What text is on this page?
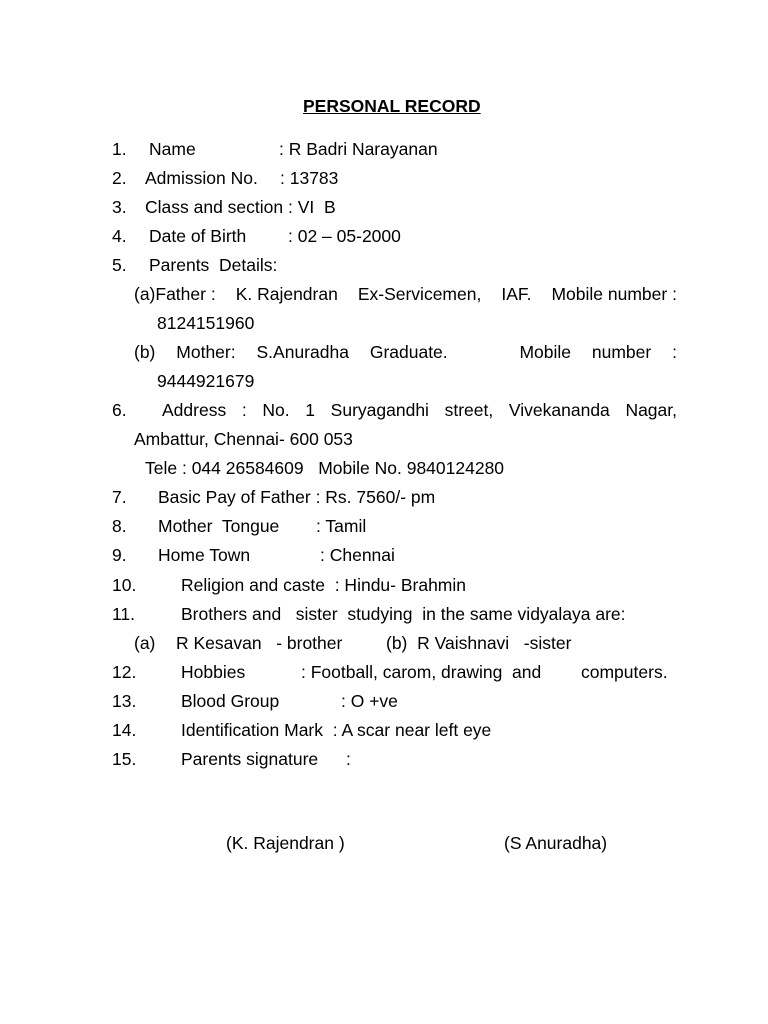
PERSONAL RECORD
1. Name	: R Badri Narayanan
2. Admission No. : 13783
3. Class and section : VI  B
4. Date of Birth : 02 – 05-2000
5. Parents  Details:
(a)Father : K. Rajendran Ex-Servicemen, IAF. Mobile number :
8124151960
(b) Mother: S.Anuradha Graduate.	Mobile number :
9444921679
6. Address : No. 1 Suryagandhi street, Vivekananda Nagar,
Ambattur, Chennai- 600 053
Tele : 044 26584609   Mobile No. 9840124280
7. Basic Pay of Father : Rs. 7560/- pm
8. Mother  Tongue : Tamil
9. Home Town	: Chennai
10.	Religion and caste  : Hindu- Brahmin
11.	Brothers and   sister  studying  in the same vidyalaya are:
(a) R Kesavan   - brother (b)  R Vaishnavi   -sister
12.	Hobbies	: Football, carom, drawing  and computers.
13.	Blood Group	: O +ve
14.	Identification Mark  : A scar near left eye
15.	Parents signature :
(K. Rajendran )	(S Anuradha)
